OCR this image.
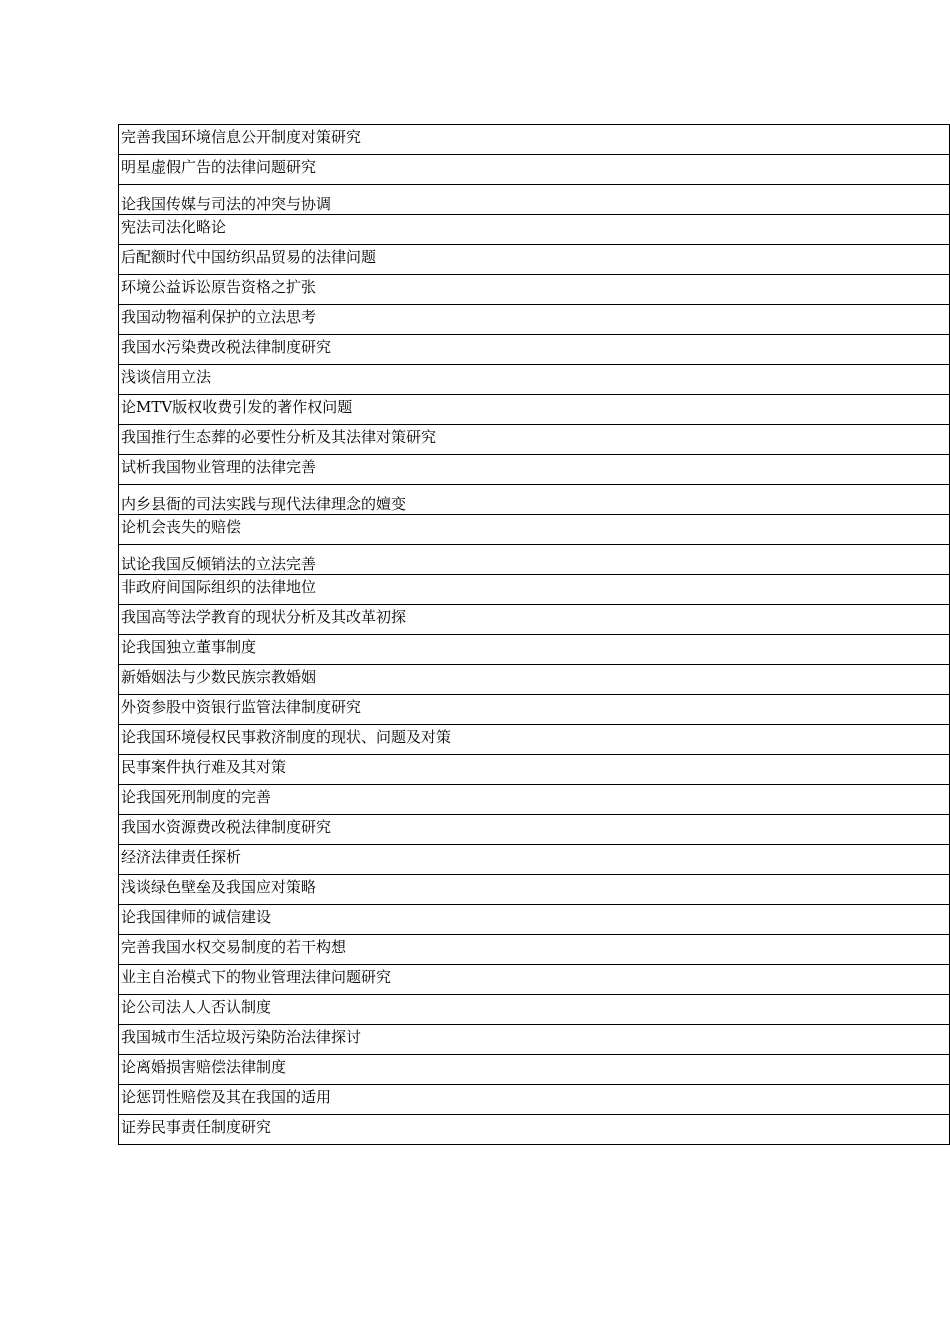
完善我国环境信息公开制度对策研究
明星虚假广告的法律问题研究
论我国传媒与司法的冲突与协调
宪法司法化略论
后配额时代中国纺织品贸易的法律问题
环境公益诉讼原告资格之扩张
我国动物福利保护的立法思考
我国水污染费改税法律制度研究
浅谈信用立法
论MTV版权收费引发的著作权问题
我国推行生态葬的必要性分析及其法律对策研究
试析我国物业管理的法律完善
内乡县衙的司法实践与现代法律理念的嬗变
论机会丧失的赔偿
试论我国反倾销法的立法完善
非政府间国际组织的法律地位
我国高等法学教育的现状分析及其改革初探
论我国独立董事制度
新婚姻法与少数民族宗教婚姻
外资参股中资银行监管法律制度研究
论我国环境侵权民事救济制度的现状、问题及对策
民事案件执行难及其对策
论我国死刑制度的完善
我国水资源费改税法律制度研究
经济法律责任探析
浅谈绿色壁垒及我国应对策略
论我国律师的诚信建设
完善我国水权交易制度的若干构想
业主自治模式下的物业管理法律问题研究
论公司法人人否认制度
我国城市生活垃圾污染防治法律探讨
论离婚损害赔偿法律制度
论惩罚性赔偿及其在我国的适用
证券民事责任制度研究
